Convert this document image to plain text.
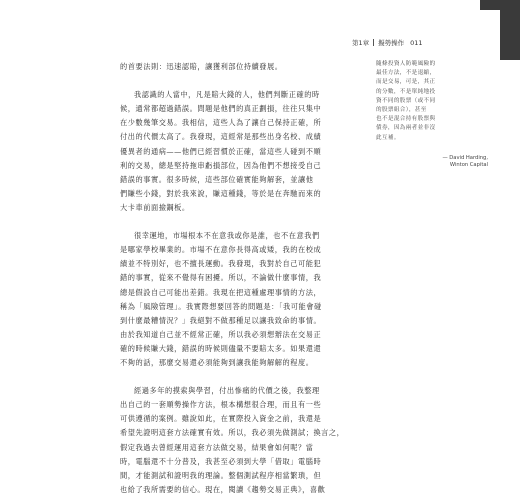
第1章 擬勢操作 011
的首要法則：迅速認賠，讓獲利部位持續發展。
我認識的人當中，凡是賠大錢的人，他們判斷正確的時
候，通常都超過錯誤。問題是他們的真正劃損，往往只集中
在少數幾筆交易。我相信，這些人為了讓自己保持正確，所
付出的代價太高了。我發現，這經常是那些出身名校、成績
優異者的通病——他們已經習慣於正確，當這些人碰到不順
利的交易，總是堅持拖串虧損部位，因為他們不想接受自己
錯誤的事實。很多時候，這些部位確實能夠解套，並讓他
們賺些小錢，對於我來說，賺這種錢，等於是在奔馳而來的
大卡車前面撿鋼板。
很幸運地，市場根本不在意我或你是誰，也不在意我們
是哪家學校畢業的。市場不在意你長得高或矮，我的在校成
績並不特別好，也不擅長運動。我發現，我對於自己可能犯
錯的事實，從來不覺得有困擾。所以，不論做什麼事情，我
總是假設自己可能出差錯。我現在把這種處理事情的方法，
稱為「風險管理」。我實際想要回答的問題是：「我可能會碰
到什麼最糟情況？」我絕對不做那種足以讓我致命的事情。
由於我知道自己並不經常正確，所以我必須想辦法在交易正
確的時候賺大錢，錯誤的時候則儘量不要賠太多。如果還還
不夠的話，那麼交易還必須能夠到讓我能夠解解的程度。
經過多年的摸索與學習，付出慘痛的代價之後，我整理
出自己的一套順勢操作方法，根本構想很合理，而且有一些
可供遵循的案例。雖說如此，在實際投入資金之前，我還是
希望先證明這套方法確實有效。所以，我必須先做測試；換言之，
假定我過去曾經運用這套方法做交易，結果會如何呢？當
時，電腦還不十分普及，我甚至必須到大學「借取」電腦時
間，才能測試和證明我的理論。整個測試程序相當繁瑣，但
也給了我所需要的信心。現在，閱讀《趨勢交易正典》，喜歡
隨條投資人防範風險的
最佳方法，不是退縮，
而是交易，可是，其正
的分數，不是單純地投
資不同的股票（或不同
的股票組合），甚至
也不是混合持有股票與
債券，因為兩者並非沒
此互補。
— David Harding,
Winton Capital
